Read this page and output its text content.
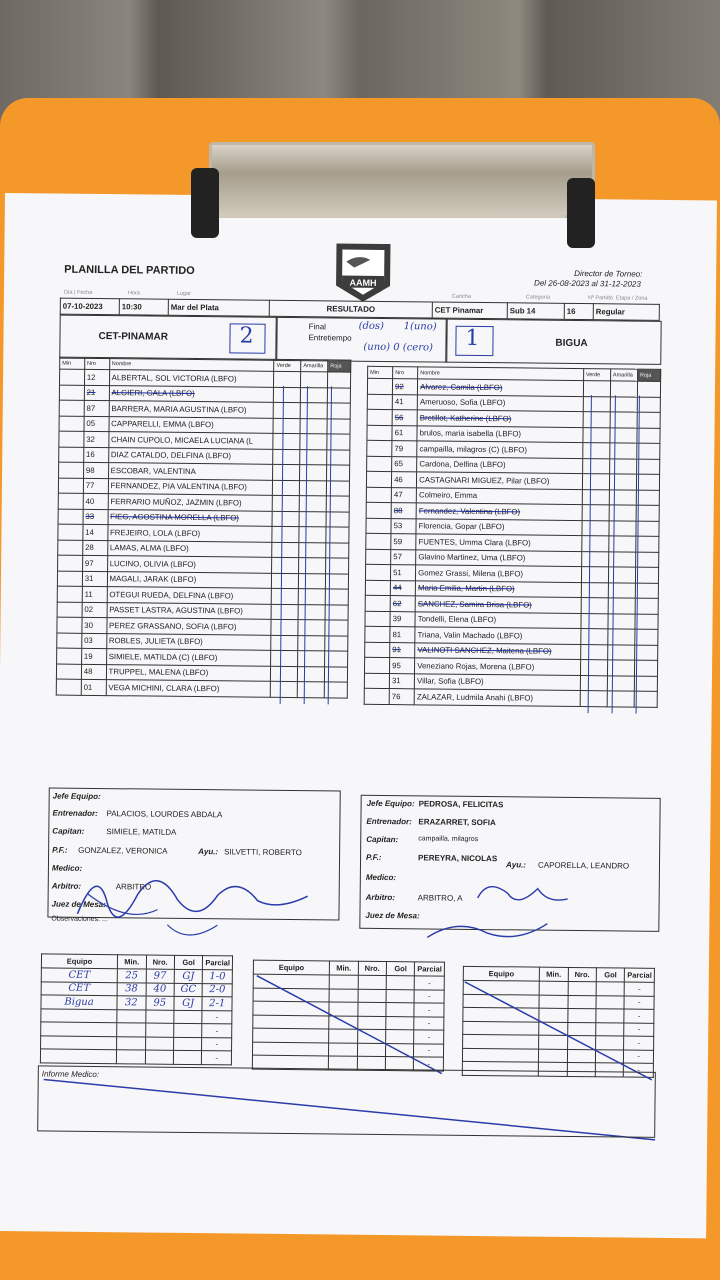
PLANILLA DEL PARTIDO
AAMH
Director de Torneo:
Del 26-08-2023 al 31-12-2023
Día | Fecha	Hora	Lugar	Cancha	Categoría	Nº Partido Etapa / Zona
07-10-2023	10:30	Mar del Plata	RESULTADO	CET Pinamar	Sub 14	16	Regular
CET-PINAMAR	2	Final
Entretiempo
(dos)
(uno) 0 (cero)
1(uno) 1	BIGUA
Min	Nro	Nombre	Verde	Amarilla	Roja
	12	ALBERTAL, SOL VICTORIA (LBFO)			
	21	ALGIERI, GALA (LBFO)			
	87	BARRERA, MARIA AGUSTINA (LBFO)			
	05	CAPPARELLI, EMMA (LBFO)			
	32	CHAIN CUPOLO, MICAELA LUCIANA (L			
	16	DIAZ CATALDO, DELFINA (LBFO)			
	98	ESCOBAR, VALENTINA			
	77	FERNANDEZ, PIA VALENTINA (LBFO)			
	40	FERRARIO MUÑOZ, JAZMIN (LBFO)			
	33	FIEG, AGOSTINA MORELLA (LBFO)			
	14	FREJEIRO, LOLA (LBFO)			
	28	LAMAS, ALMA (LBFO)			
	97	LUCINO, OLIVIA (LBFO)			
	31	MAGALI, JARAK (LBFO)			
	11	OTEGUI RUEDA, DELFINA (LBFO)			
	02	PASSET LASTRA, AGUSTINA (LBFO)			
	30	PEREZ GRASSANO, SOFIA (LBFO)			
	03	ROBLES, JULIETA (LBFO)			
	19	SIMIELE, MATILDA (C) (LBFO)			
	48	TRUPPEL, MALENA (LBFO)			
	01	VEGA MICHINI, CLARA (LBFO)			
Min	Nro	Nombre	Verde	Amarilla	Roja
	92	Alvarez, Camila (LBFO)			
	41	Ameruoso, Sofia (LBFO)			
	56	Bretillot, Katherine (LBFO)			
	61	brulos, maria isabella (LBFO)			
	79	campailla, milagros (C) (LBFO)			
	65	Cardona, Delfina (LBFO)			
	46	CASTAGNARI MIGUEZ, Pilar (LBFO)			
	47	Colmeiro, Emma			
	88	Fernandez, Valentina (LBFO)			
	53	Florencia, Gopar (LBFO)			
	59	FUENTES, Umma Clara (LBFO)			
	57	Glavino Martinez, Uma (LBFO)			
	51	Gomez Grassi, Milena (LBFO)			
	44	Maria Emilia, Martin (LBFO)			
	62	SANCHEZ, Samira Brisa (LBFO)			
	39	Tondelli, Elena (LBFO)			
	81	Triana, Valin Machado (LBFO)			
	91	VALINOTI SANCHEZ, Maitena (LBFO)			
	95	Veneziano Rojas, Morena (LBFO)			
	31	Villar, Sofia (LBFO)			
	76	ZALAZAR, Ludmila Anahi (LBFO)			
Jefe Equipo:
Entrenador: PALACIOS, LOURDES ABDALA
Capitan:	SIMIELE, MATILDA
P.F.: GONZALEZ, VERONICA	Ayu.: SILVETTI, ROBERTO
Medico:
Arbitro:	ARBITRO
Juez de Mesa:
Observaciones: ...
Jefe Equipo: PEDROSA, FELICITAS
Entrenador: ERAZARRET, SOFIA
Capitan:	campailla, milagros
P.F.:	PEREYRA, NICOLAS
Ayu.: CAPORELLA, LEANDRO
Medico:
Arbitro:	ARBITRO, A
Juez de Mesa:
Equipo	Min.	Nro.	Gol	Parcial
CET	25	97	GJ	1-0
CET	38	40	GC	2-0
Bigua	32	95	GJ	2-1
				-
				-
				-
				-
Equipo	Min.	Nro.	Gol	Parcial
				-
				-
				-
				-
				-
				-
				-
Equipo	Min.	Nro.	Gol	Parcial
				-
				-
				-
				-
				-
				-
				-
Informe Medico:
